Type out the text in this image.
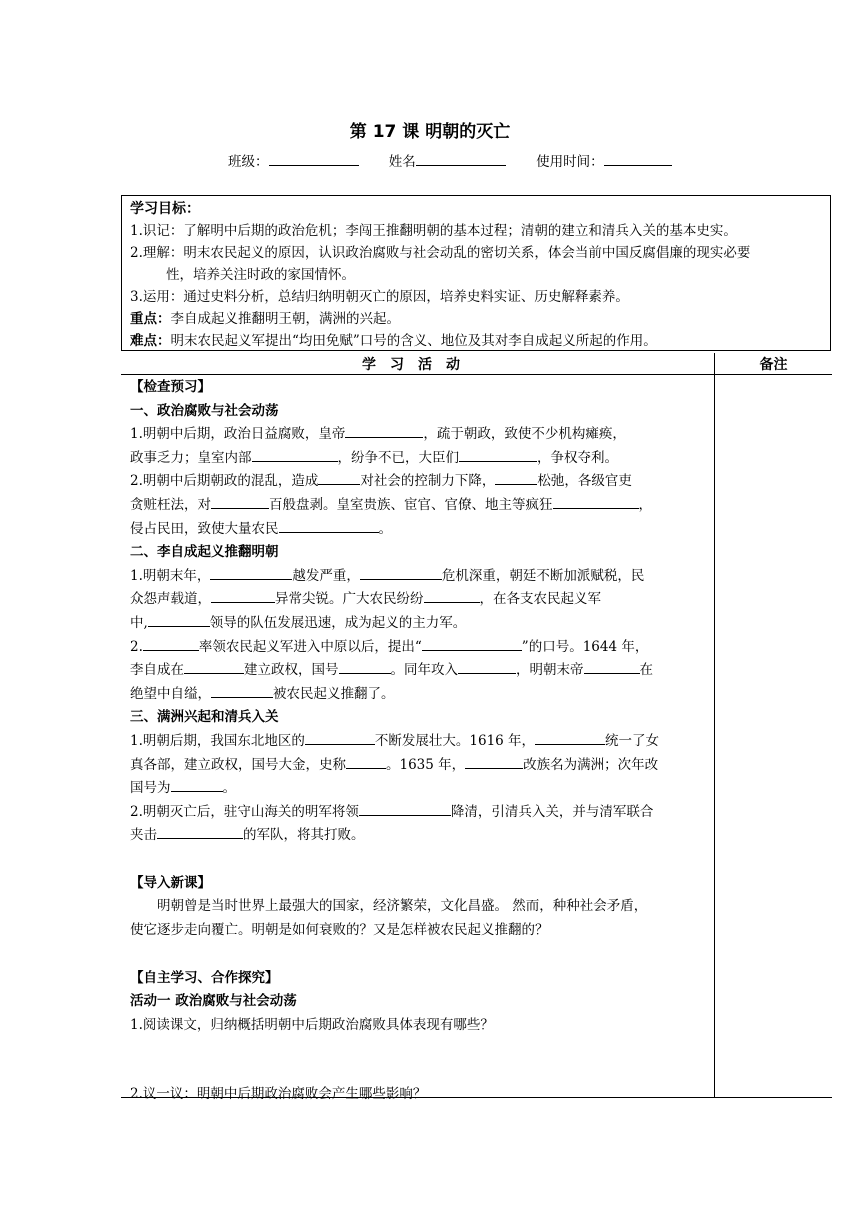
第 17 课 明朝的灭亡
班级：	姓名	使用时间：
学习目标：
1.识记：了解明中后期的政治危机；李闯王推翻明朝的基本过程；清朝的建立和清兵入关的基本史实。
2.理解：明末农民起义的原因，认识政治腐败与社会动乱的密切关系，体会当前中国反腐倡廉的现实必要
性，培养关注时政的家国情怀。
3.运用：通过史料分析，总结归纳明朝灭亡的原因，培养史料实证、历史解释素养。
重点：李自成起义推翻明王朝，满洲的兴起。
难点：明末农民起义军提出“均田免赋”口号的含义、地位及其对李自成起义所起的作用。
学习活动	备注

【检查预习】

一、政治腐败与社会动荡

1.明朝中后期，政治日益腐败，皇帝	，疏于朝政，致使不少机构瘫痪，

政事乏力；皇室内部	，纷争不已，大臣们	，争权夺利。

2.明朝中后期朝政的混乱，造成	对社会的控制力下降，	松弛，各级官吏

贪赃枉法，对	百般盘剥。皇室贵族、宦官、官僚、地主等疯狂	，

侵占民田，致使大量农民	。

二、李自成起义推翻明朝

1.明朝末年，	越发严重，	危机深重，朝廷不断加派赋税，民

众怨声载道，	异常尖锐。广大农民纷纷	，在各支农民起义军

中,	领导的队伍发展迅速，成为起义的主力军。

2.	率领农民起义军进入中原以后，提出“	”的口号。1644 年，

李自成在	建立政权，国号	。同年攻入	，明朝末帝	在

绝望中自缢，	被农民起义推翻了。

三、满洲兴起和清兵入关

1.明朝后期，我国东北地区的	不断发展壮大。1616 年，	统一了女

真各部，建立政权，国号大金，史称	。1635 年，	改族名为满洲；次年改

国号为	。

2.明朝灭亡后，驻守山海关的明军将领	降清，引清兵入关，并与清军联合

夹击	的军队，将其打败。

【导入新课】

明朝曾是当时世界上最强大的国家，经济繁荣，文化昌盛。 然而，种种社会矛盾，

使它逐步走向覆亡。明朝是如何衰败的？又是怎样被农民起义推翻的？

【自主学习、合作探究】

活动一 政治腐败与社会动荡

1.阅读课文，归纳概括明朝中后期政治腐败具体表现有哪些？

2.议一议：明朝中后期政治腐败会产生哪些影响？
